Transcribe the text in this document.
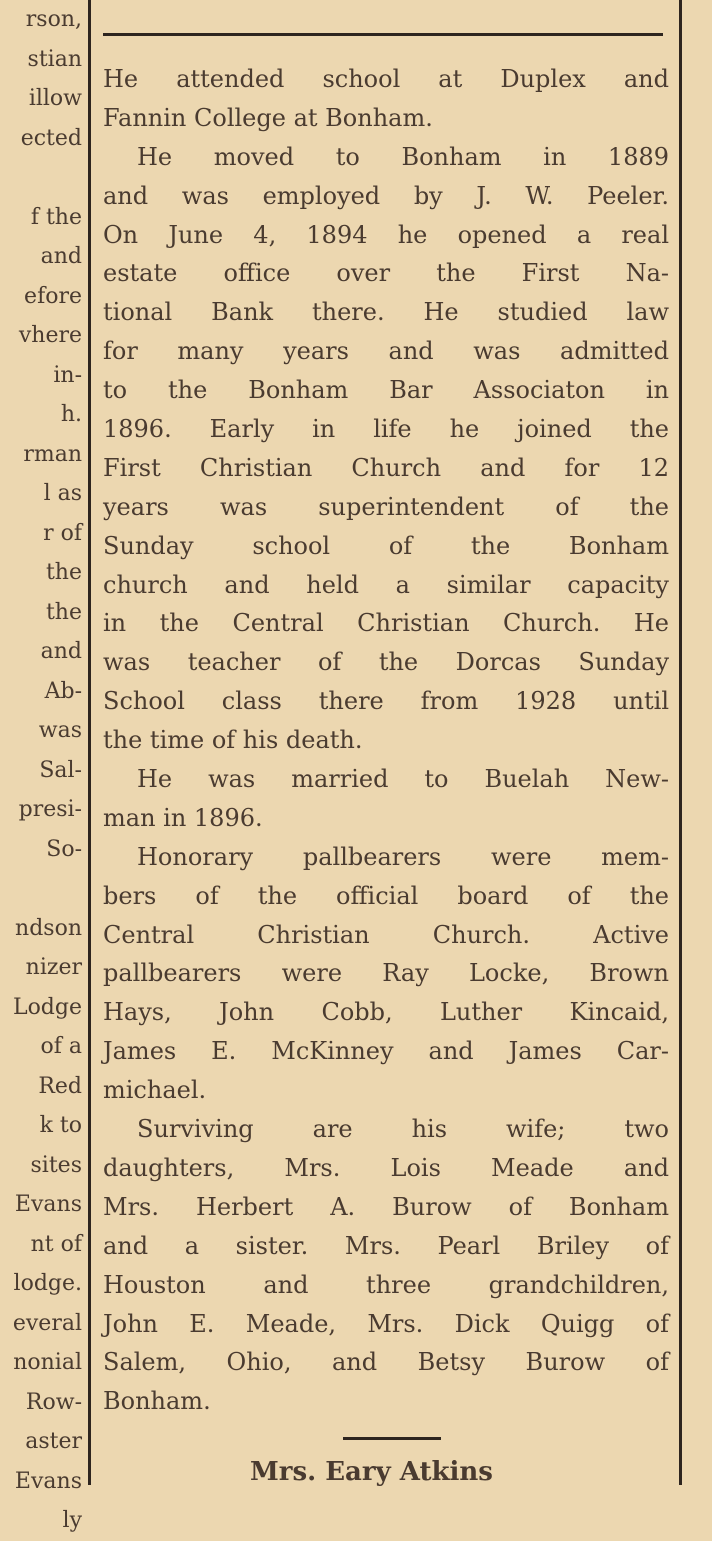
rson,
stian
illow
ected
f the
and
efore
vhere
in-
h.
rman
l as
r of
the
the
and
Ab-
was
Sal-
presi-
So-
ndson
nizer
Lodge
of a
Red
k to
sites
Evans
nt of
lodge.
everal
nonial
Row-
aster
Evans
ly
He attended school at Duplex and
Fannin College at Bonham.
He moved to Bonham in 1889
and was employed by J. W. Peeler.
On June 4, 1894 he opened a real
estate office over the First Na-
tional Bank there. He studied law
for many years and was admitted
to the Bonham Bar Associaton in
1896. Early in life he joined the
First Christian Church and for 12
years was superintendent of the
Sunday school of the Bonham
church and held a similar capacity
in the Central Christian Church. He
was teacher of the Dorcas Sunday
School class there from 1928 until
the time of his death.
He was married to Buelah New-
man in 1896.
Honorary pallbearers were mem-
bers of the official board of the
Central Christian Church. Active
pallbearers were Ray Locke, Brown
Hays, John Cobb, Luther Kincaid,
James E. McKinney and James Car-
michael.
Surviving are his wife; two
daughters, Mrs. Lois Meade and
Mrs. Herbert A. Burow of Bonham
and a sister. Mrs. Pearl Briley of
Houston and three grandchildren,
John E. Meade, Mrs. Dick Quigg of
Salem, Ohio, and Betsy Burow of
Bonham.
Mrs. Eary Atkins
